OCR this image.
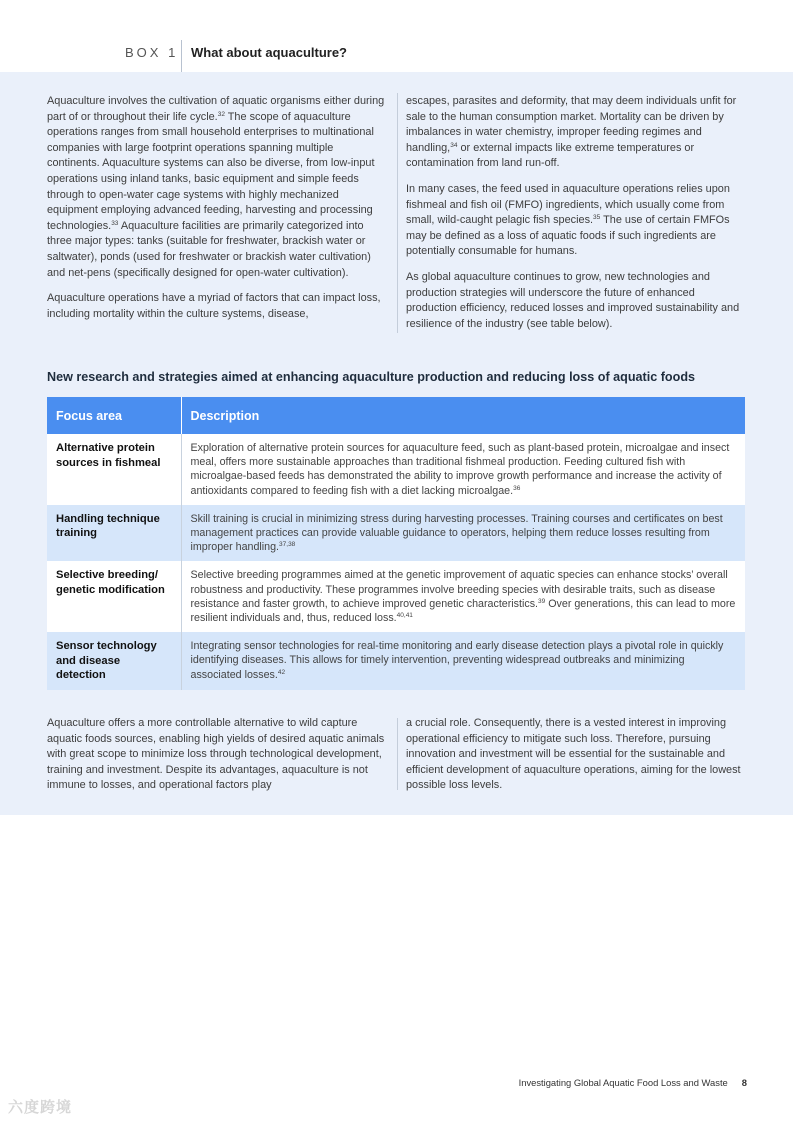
BOX 1 What about aquaculture?

Aquaculture involves the cultivation of aquatic organisms either during part of or throughout their life cycle.$^{32}$ The scope of aquaculture operations ranges from small household enterprises to multinational companies with large footprint operations spanning multiple continents. Aquaculture systems can also be diverse, from low-input operations using inland tanks, basic equipment and simple feeds through to open-water cage systems with highly mechanized equipment employing advanced feeding, harvesting and processing technologies.$^{33}$ Aquaculture facilities are primarily categorized into three major types: tanks (suitable for freshwater, brackish water or saltwater), ponds (used for freshwater or brackish water cultivation) and net-pens (specifically designed for open-water cultivation).

Aquaculture operations have a myriad of factors that can impact loss, including mortality within the culture systems, disease,

escapes, parasites and deformity, that may deem individuals unfit for sale to the human consumption market. Mortality can be driven by imbalances in water chemistry, improper feeding regimes and handling,$^{34}$ or external impacts like extreme temperatures or contamination from land run-off.

In many cases, the feed used in aquaculture operations relies upon fishmeal and fish oil (FMFO) ingredients, which usually come from small, wild-caught pelagic fish species.$^{35}$ The use of certain FMFOs may be defined as a loss of aquatic foods if such ingredients are potentially consumable for humans.

As global aquaculture continues to grow, new technologies and production strategies will underscore the future of enhanced production efficiency, reduced losses and improved sustainability and resilience of the industry (see table below).

New research and strategies aimed at enhancing aquaculture production and reducing loss of aquatic foods
Focus area	Description
Alternative protein sources in fishmeal	Exploration of alternative protein sources for aquaculture feed, such as plant-based protein, microalgae and insect meal, offers more sustainable approaches than traditional fishmeal production. Feeding cultured fish with microalgae-based feeds has demonstrated the ability to improve growth performance and increase the activity of antioxidants compared to feeding fish with a diet lacking microalgae.$^{36}$
Handling technique training	Skill training is crucial in minimizing stress during harvesting processes. Training courses and certificates on best management practices can provide valuable guidance to operators, helping them reduce losses resulting from improper handling.$^{37,38}$
Selective breeding/ genetic modification	Selective breeding programmes aimed at the genetic improvement of aquatic species can enhance stocks’ overall robustness and productivity. These programmes involve breeding species with desirable traits, such as disease resistance and faster growth, to achieve improved genetic characteristics.$^{39}$ Over generations, this can lead to more resilient individuals and, thus, reduced loss.$^{40,41}$
Sensor technology and disease detection	Integrating sensor technologies for real-time monitoring and early disease detection plays a pivotal role in quickly identifying diseases. This allows for timely intervention, preventing widespread outbreaks and minimizing associated losses.$^{42}$

Aquaculture offers a more controllable alternative to wild capture aquatic foods sources, enabling high yields of desired aquatic animals with great scope to minimize loss through technological development, training and investment. Despite its advantages, aquaculture is not immune to losses, and operational factors play

a crucial role. Consequently, there is a vested interest in improving operational efficiency to mitigate such loss. Therefore, pursuing innovation and investment will be essential for the sustainable and efficient development of aquaculture operations, aiming for the lowest possible loss levels.

Investigating Global Aquatic Food Loss and Waste 8
六度跨境
